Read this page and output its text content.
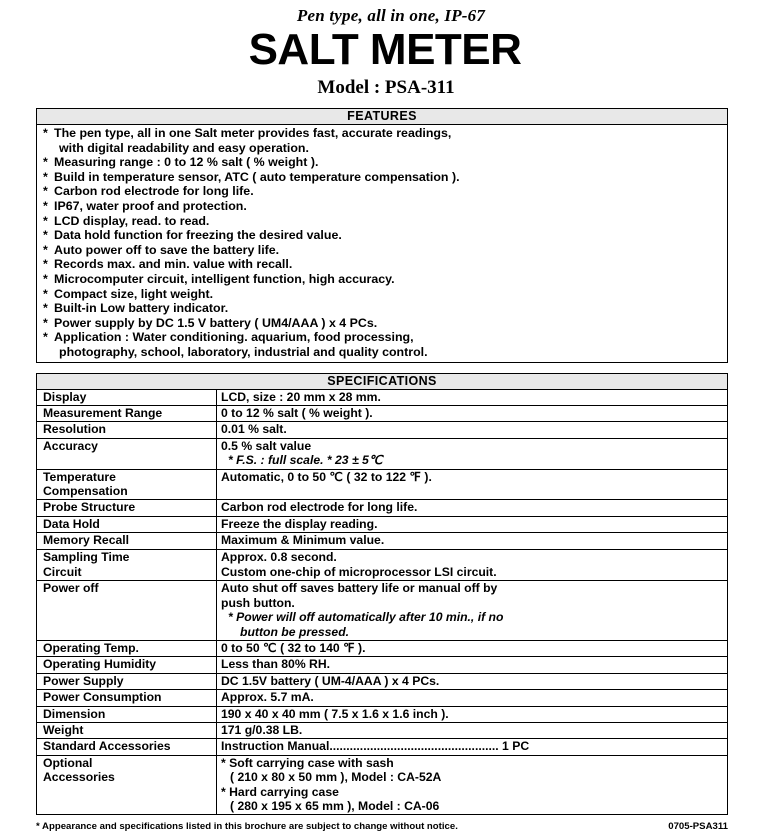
Pen type, all in one, IP-67

SALT METER

Model : PSA-311

FEATURES
* The pen type, all in one Salt meter provides fast, accurate readings,
with digital readability and easy operation.
* Measuring range : 0 to 12 % salt ( % weight ).
* Build in temperature sensor, ATC ( auto temperature compensation ).
* Carbon rod electrode for long life.
* IP67, water proof and protection.
* LCD display, read. to read.
* Data hold function for freezing the desired value.
* Auto power off to save the battery life.
* Records max. and min. value with recall.
* Microcomputer circuit, intelligent function, high accuracy.
* Compact size, light weight.
* Built-in Low battery indicator.
* Power supply by DC 1.5 V battery ( UM4/AAA ) x 4 PCs.
* Application : Water conditioning. aquarium, food processing,
photography, school, laboratory, industrial and quality control.
SPECIFICATIONS
Display	LCD, size : 20 mm x 28 mm.
Measurement Range	0 to 12 % salt ( % weight ).
Resolution	0.01 % salt.
Accuracy	0.5 % salt value
* F.S. : full scale. * 23 ± 5℃

Temperature
Compensation	Automatic, 0 to 50 ℃ ( 32 to 122 ℉ ).
Probe Structure	Carbon rod electrode for long life.
Data Hold	Freeze the display reading.
Memory Recall	Maximum & Minimum value.
Sampling Time	Approx. 0.8 second.
Circuit	Custom one-chip of microprocessor LSI circuit.
Power off	Auto shut off saves battery life or manual off by
push button.
* Power will off automatically after 10 min., if no
button be pressed.

Operating Temp.	0 to 50 ℃ ( 32 to 140 ℉ ).
Operating Humidity	Less than 80% RH.
Power Supply	DC 1.5V battery ( UM-4/AAA ) x 4 PCs.
Power Consumption	Approx. 5.7 mA.
Dimension	190 x 40 x 40 mm ( 7.5 x 1.6 x 1.6 inch ).
Weight	171 g/0.38 LB.
Standard Accessories	Instruction Manual.................................................. 1 PC
Optional
Accessories	* Soft carrying case with sash
( 210 x 80 x 50 mm ), Model : CA-52A
* Hard carrying case
( 280 x 195 x 65 mm ), Model : CA-06
* Appearance and specifications listed in this brochure are subject to change without notice.	0705-PSA311
